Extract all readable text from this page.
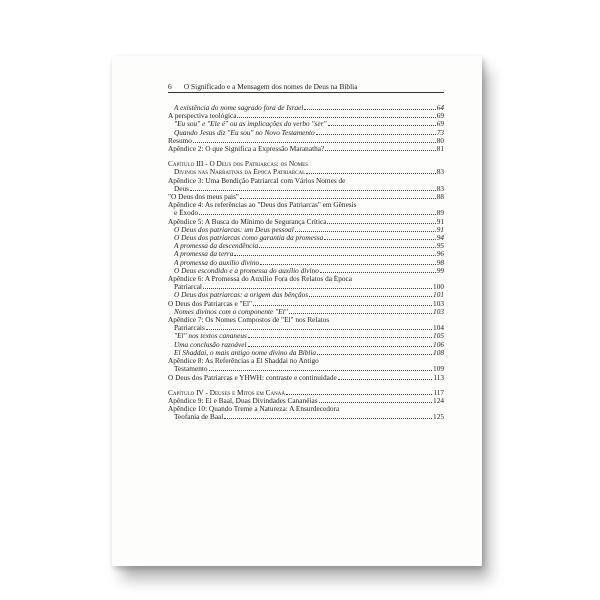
6 O Significado e a Mensagem dos nomes de Deus na Bíblia
A existência do nome sagrado fora de Israel	64
A perspectiva teológica	69
"Eu sou" e "Ele é" ou as implicações do verbo "ser"	69
Quando Jesus diz "Eu sou" no Novo Testamento	73
Resumo	80
Apêndice 2: O que Significa a Expressão Maranatha?	81
Capítulo III - O Deus dos Patriarcas: os Nomes
Divinos nas Narrativas da Época Patriarcal	83
Apêndice 3: Uma Bendição Patriarcal com Vários Nomes de
Deus	83
"O Deus dos meus pais"	88
Apêndice 4: As referências ao "Deus dos Patriarcas" em Gênesis
e Êxodo	89
Apêndice 5: A Busca do Mínimo de Segurança Crítica	91
O Deus dos patriarcas: um Deus pessoal	91
O Deus dos patriarcas como garantia da promessa	94
A promessa da descendência	95
A promessa da terra	96
A promessa do auxílio divino	98
O Deus escondido e a promessa do auxílio divino	99
Apêndice 6: A Promessa do Auxílio Fora dos Relatos da Época
Patriarcal	100
O Deus dos patriarcas: a origem das bênçãos	101
O Deus dos Patriarcas e "El"	103
Nomes divinos com o componente "El"	103
Apêndice 7: Os Nomes Compostos de "El" nos Relatos
Patriarcais	104
"El" nos textos cananeus	105
Uma conclusão razoável	106
El Shaddai, o mais antigo nome divino da Bíblia	108
Apêndice 8: As Referências a El Shaddai no Antigo
Testamento	109
O Deus dos Patriarcas e YHWH: contraste e continuidade	113
Capítulo IV - Deuses e Mitos em Canaã	117
Apêndice 9: El e Baal, Duas Divindades Cananéias	124
Apêndice 10: Quando Treme a Natureza: A Ensurdecedora
Teofania de Baal	125
